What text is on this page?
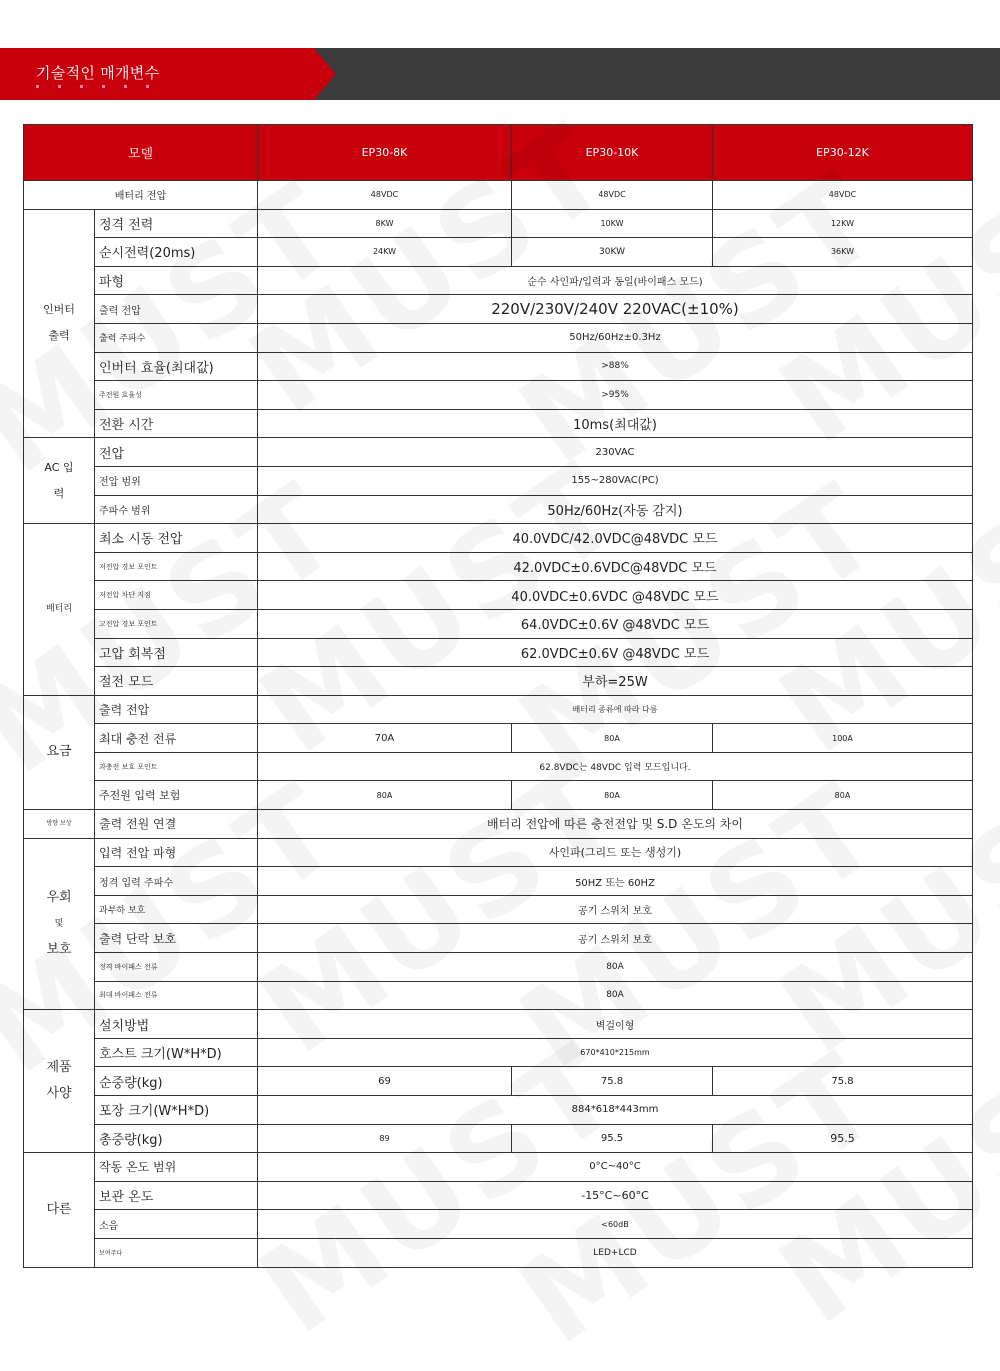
기술적인 매개변수
모델		EP30-8K	EP30-10K	EP30-12K
배터리 전압		48VDC	48VDC	48VDC
인버터 출력	정격 전력	8KW	10KW	12KW
	순시전력(20ms)	24KW	30KW	36KW
	파형	순수 사인파/입력과 동일(바이패스 모드)		
	출력 전압	220V/230V/240V 220VAC(±10%)		
	출력 주파수	50Hz/60Hz±0.3Hz		
	인버터 효율(최대값)	>88%		
	주전원 효율성	>95%		
	전환 시간	10ms(최대값)		
AC 입력	전압	230VAC		
	전압 범위	155~280VAC(PC)		
	주파수 범위	50Hz/60Hz(자동 감지)		
배터리	최소 시동 전압	40.0VDC/42.0VDC@48VDC 모드		
	저전압 경보 포인트	42.0VDC±0.6VDC@48VDC 모드		
	저전압 차단 지점	40.0VDC±0.6VDC @48VDC 모드		
	고전압 경보 포인트	64.0VDC±0.6V @48VDC 모드		
	고압 회복점	62.0VDC±0.6V @48VDC 모드		
	절전 모드	부하=25W		
요금	출력 전압	배터리 종류에 따라 다름		
	최대 충전 전류	70A	80A	100A
	과충전 보호 포인트	62.8VDC는 48VDC 입력 모드입니다.		
	주전원 입력 보험	80A	80A	80A
방향 보상	출력 전원 연결	배터리 전압에 따른 충전전압 및 S.D 온도의 차이		

우회
및
보호	입력 전압 파형	사인파(그리드 또는 생성기)		
	정격 입력 주파수	50HZ 또는 60HZ		
	과부하 보호	공기 스위치 보호		
	출력 단락 보호	공기 스위치 보호		
	정격 바이패스 전류	80A		
	최대 바이패스 전류	80A		

제품
사양	설치방법	벽걸이형		
	호스트 크기(W*H*D)	670*410*215mm		
	순중량(kg)	69	75.8	75.8
	포장 크기(W*H*D)	884*618*443mm		
	총중량(kg)	89	95.5	95.5
다른	작동 온도 범위	0°C~40°C		
	보관 온도	-15°C~60°C		
	소음	<60dB		
	보여주다	LED+LCD		
